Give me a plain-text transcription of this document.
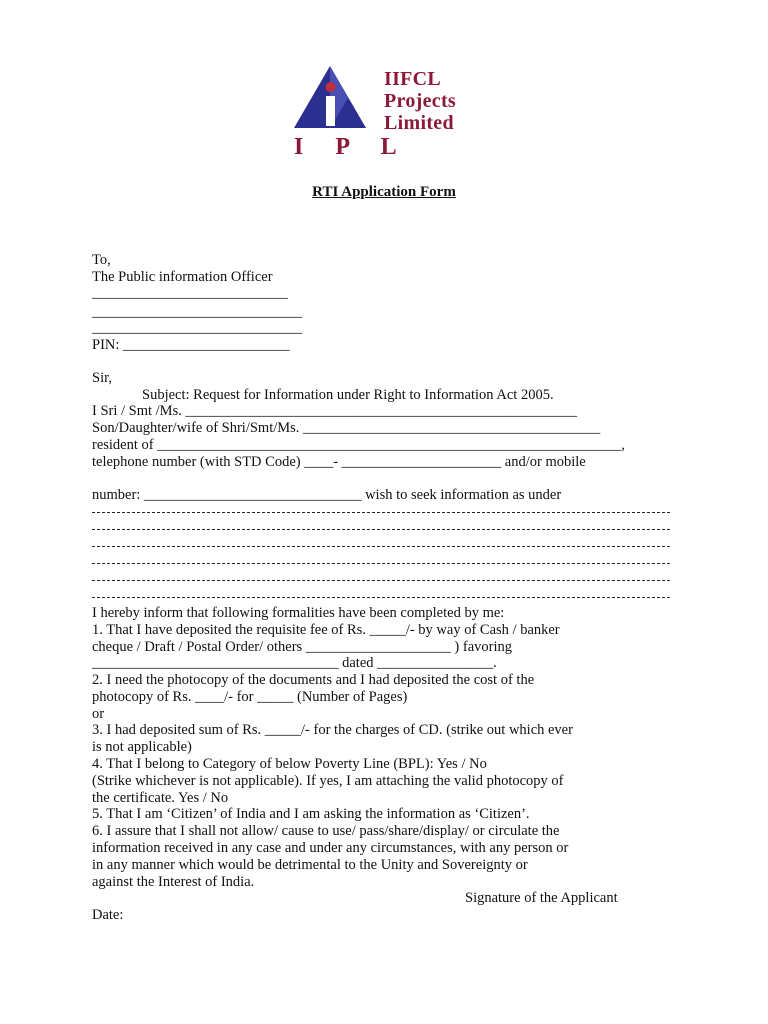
IIFCL
Projects
Limited
I P L
RTI Application Form
To,
The Public information Officer
___________________________
_____________________________
_____________________________
PIN: _______________________
Sir,
Subject: Request for Information under Right to Information Act 2005.
I Sri / Smt /Ms. ______________________________________________________
Son/Daughter/wife of Shri/Smt/Ms. _________________________________________
resident of ________________________________________________________________,
telephone number (with STD Code) ____- ______________________ and/or mobile
number: ______________________________ wish to seek information as under
I hereby inform that following formalities have been completed by me:
1. That I have deposited the requisite fee of Rs. _____/- by way of Cash / banker
cheque / Draft / Postal Order/ others ____________________ ) favoring
__________________________________ dated ________________.
2. I need the photocopy of the documents and I had deposited the cost of the
photocopy of Rs. ____/- for _____ (Number of Pages)
or
3. I had deposited sum of Rs. _____/- for the charges of CD. (strike out which ever
is not applicable)
4. That I belong to Category of below Poverty Line (BPL): Yes / No
(Strike whichever is not applicable). If yes, I am attaching the valid photocopy of
the certificate. Yes / No
5. That I am ‘Citizen’ of India and I am asking the information as ‘Citizen’.
6. I assure that I shall not allow/ cause to use/ pass/share/display/ or circulate the
information received in any case and under any circumstances, with any person or
in any manner which would be detrimental to the Unity and Sovereignty or
against the Interest of India.
Signature of the Applicant
Date:
